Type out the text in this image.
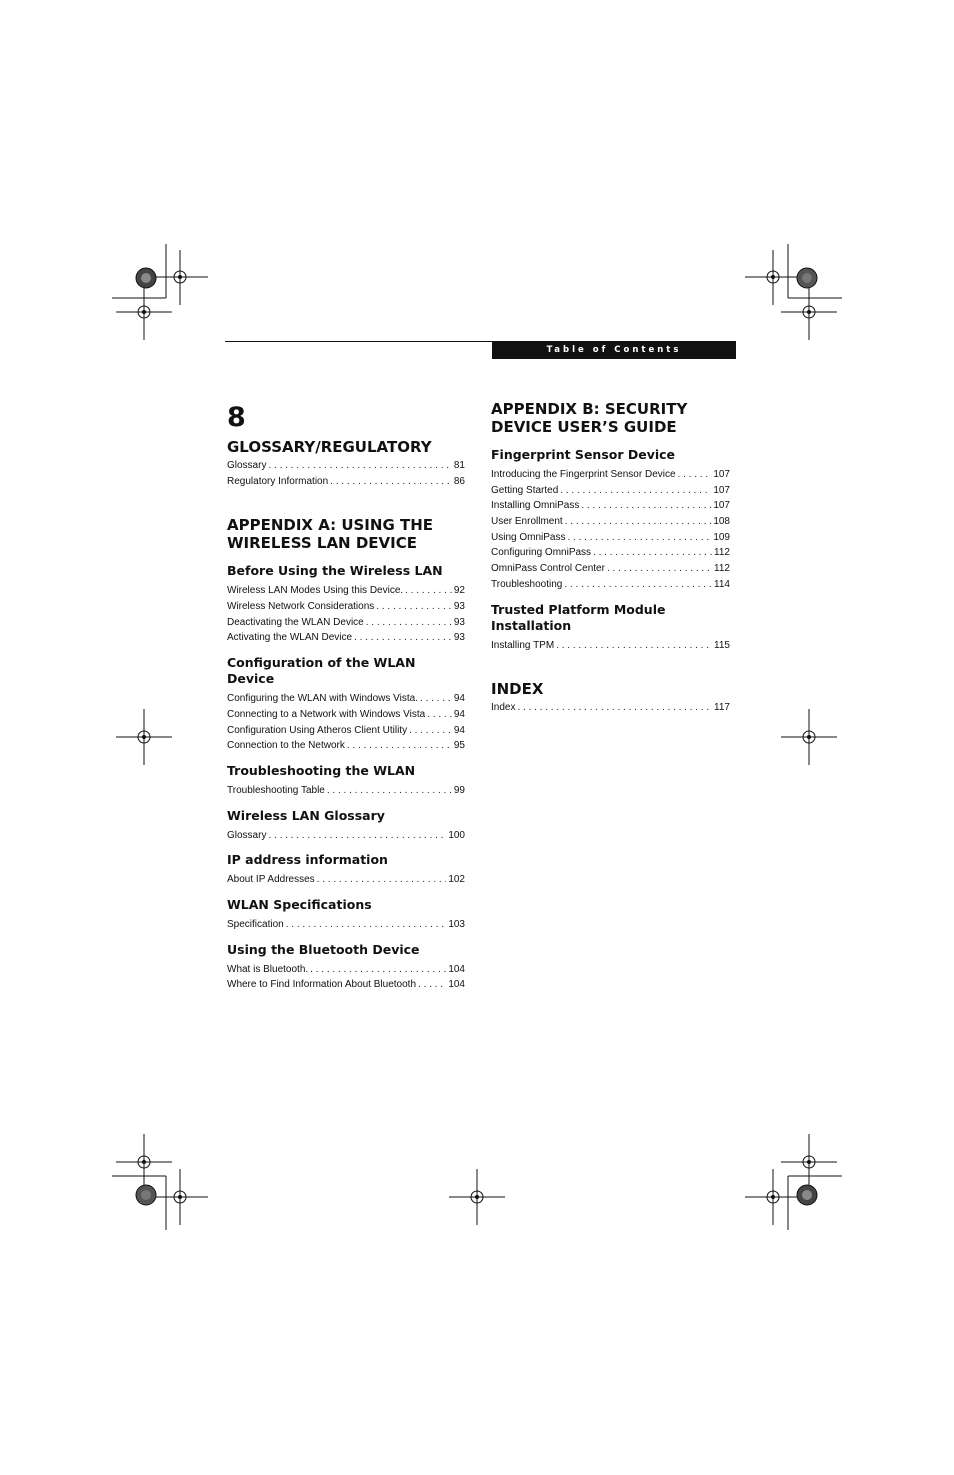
Table of Contents
8
GLOSSARY/REGULATORY
Glossary . . .	81
Regulatory Information . . .	86
APPENDIX A: USING THE WIRELESS LAN DEVICE
Before Using the Wireless LAN
Wireless LAN Modes Using this Device. . . .	92
Wireless Network Considerations . . .	93
Deactivating the WLAN Device . . .	93
Activating the WLAN Device . . .	93
Configuration of the WLAN Device
Configuring the WLAN with Windows Vista. . . .	94
Connecting to a Network with Windows Vista . . .	94
Configuration Using Atheros Client Utility . . .	94
Connection to the Network . . .	95
Troubleshooting the WLAN
Troubleshooting Table . . .	99
Wireless LAN Glossary
Glossary . . .	100
IP address information
About IP Addresses . . .	102
WLAN Specifications
Specification . . .	103
Using the Bluetooth Device
What is Bluetooth. . . .	104
Where to Find Information About Bluetooth . . .	104
APPENDIX B: SECURITY DEVICE USER’S GUIDE
Fingerprint Sensor Device
Introducing the Fingerprint Sensor Device . . .	107
Getting Started . . .	107
Installing OmniPass . . .	107
User Enrollment . . .	108
Using OmniPass . . .	109
Configuring OmniPass . . .	112
OmniPass Control Center . . .	112
Troubleshooting . . .	114
Trusted Platform Module Installation
Installing TPM . . .	115
INDEX
Index . . .	117
